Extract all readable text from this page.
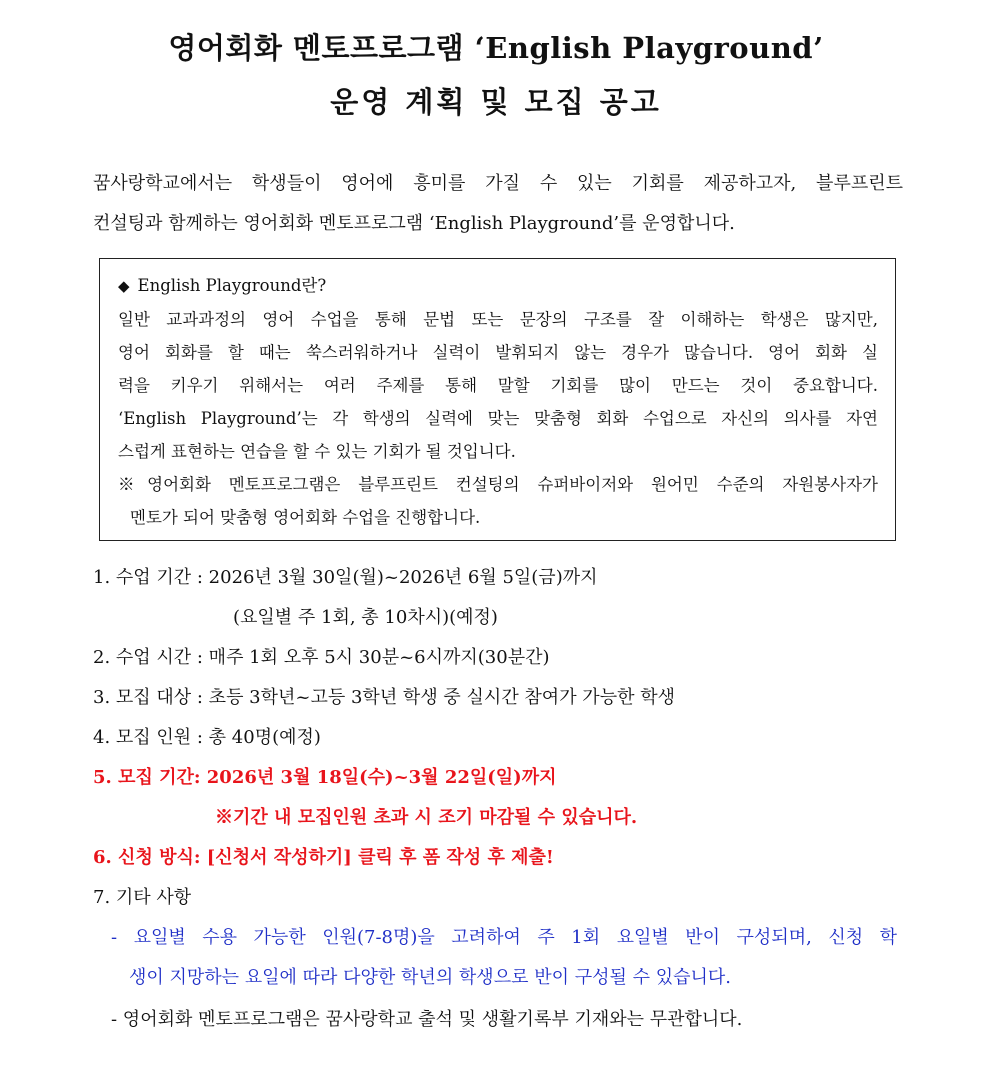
영어회화 멘토프로그램 ‘English Playground’
운영 계획 및 모집 공고
꿈사랑학교에서는 학생들이 영어에 흥미를 가질 수 있는 기회를 제공하고자, 블루프린트
컨설팅과 함께하는 영어회화 멘토프로그램 ‘English Playground’를 운영합니다.
◆ English Playground란?
일반 교과과정의 영어 수업을 통해 문법 또는 문장의 구조를 잘 이해하는 학생은 많지만,
영어 회화를 할 때는 쑥스러워하거나 실력이 발휘되지 않는 경우가 많습니다. 영어 회화 실
력을 키우기 위해서는 여러 주제를 통해 말할 기회를 많이 만드는 것이 중요합니다.
‘English Playground’는 각 학생의 실력에 맞는 맞춤형 회화 수업으로 자신의 의사를 자연
스럽게 표현하는 연습을 할 수 있는 기회가 될 것입니다.
※영어회화 멘토프로그램은 블루프린트 컨설팅의 슈퍼바이저와 원어민 수준의 자원봉사자가
멘토가 되어 맞춤형 영어회화 수업을 진행합니다.
1. 수업 기간 : 2026년 3월 30일(월)~2026년 6월 5일(금)까지
(요일별 주 1회, 총 10차시)(예정)
2. 수업 시간 : 매주 1회 오후 5시 30분~6시까지(30분간)
3. 모집 대상 : 초등 3학년~고등 3학년 학생 중 실시간 참여가 가능한 학생
4. 모집 인원 : 총 40명(예정)
5. 모집 기간: 2026년 3월 18일(수)~3월 22일(일)까지
※기간 내 모집인원 초과 시 조기 마감될 수 있습니다.
6. 신청 방식: [신청서 작성하기] 클릭 후 폼 작성 후 제출!
7. 기타 사항
- 요일별 수용 가능한 인원(7-8명)을 고려하여 주 1회 요일별 반이 구성되며, 신청 학
생이 지망하는 요일에 따라 다양한 학년의 학생으로 반이 구성될 수 있습니다.
- 영어회화 멘토프로그램은 꿈사랑학교 출석 및 생활기록부 기재와는 무관합니다.
